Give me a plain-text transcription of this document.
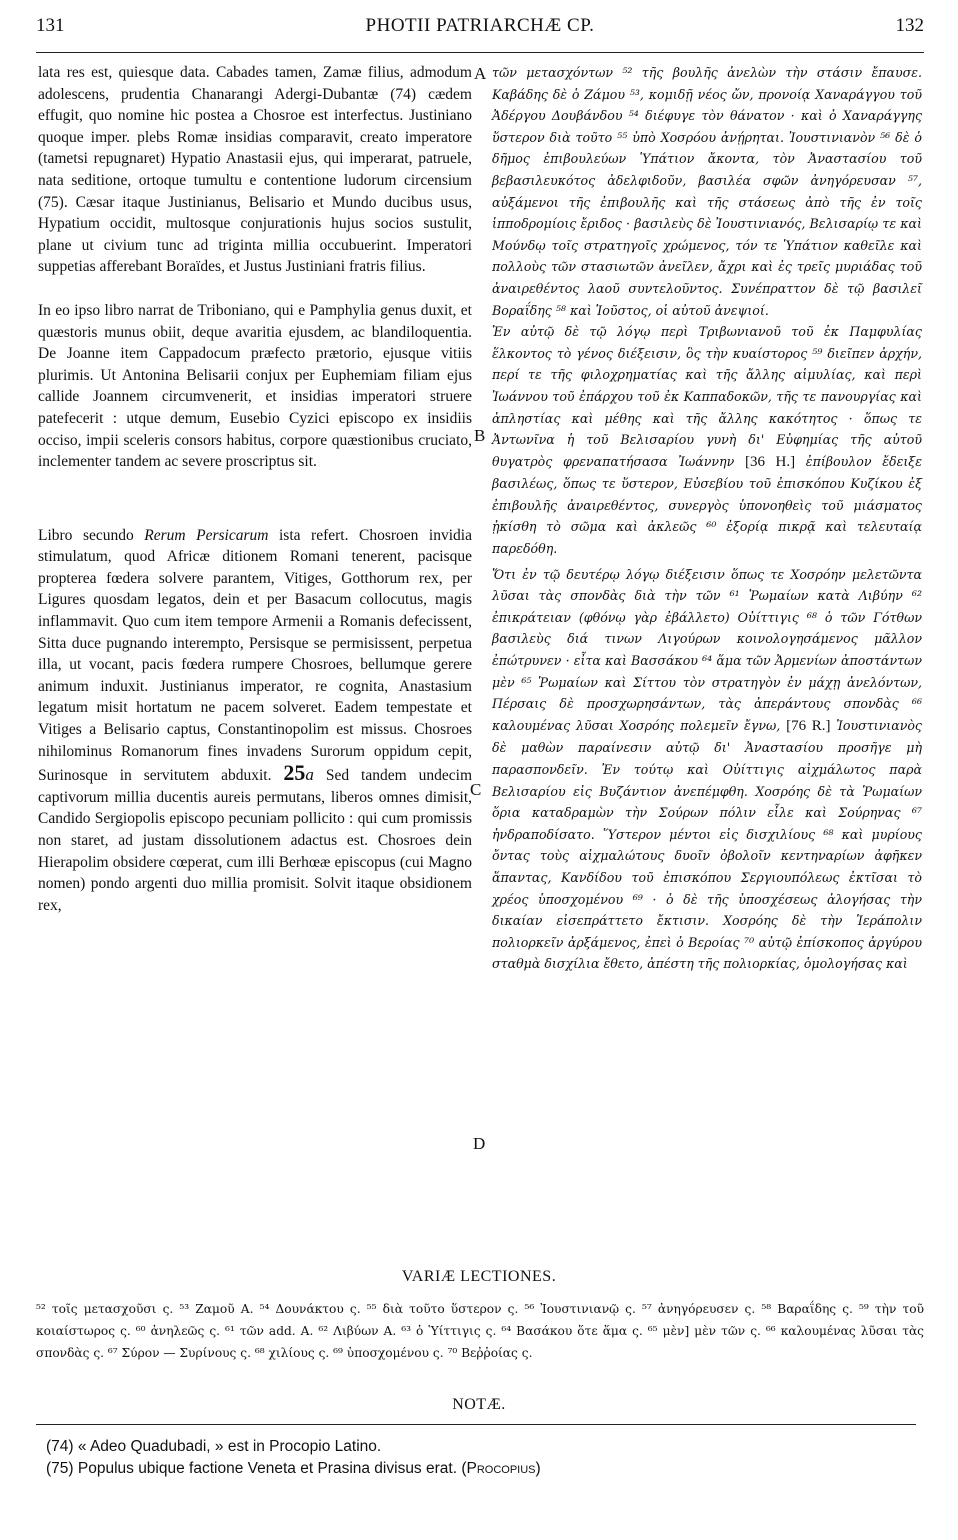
131	PHOTII PATRIARCHÆ CP.	132

lata res est, quiesque data. Cabades tamen, Zamæ filius, admodum adolescens, prudentia Chanarangi Adergi-Dubantæ (74) cædem effugit, quo nomine hic postea a Chosroe est interfectus. Justiniano quoque imper. plebs Romæ insidias comparavit, creato imperatore (tametsi repugnaret) Hypatio Anastasii ejus, qui imperarat, patruele, nata seditione, ortoque tumultu e contentione ludorum circensium (75). Cæsar itaque Justinianus, Belisario et Mundo ducibus usus, Hypatium occidit, multosque conjurationis hujus socios sustulit, plane ut civium tunc ad triginta millia occubuerint. Imperatori suppetias afferebant Boraïdes, et Justus Justiniani fratris filius.

In eo ipso libro narrat de Triboniano, qui e Pamphylia genus duxit, et quæstoris munus obiit, deque avaritia ejusdem, ac blandiloquentia. De Joanne item Cappadocum præfecto prætorio, ejusque vitiis plurimis. Ut Antonina Belisarii conjux per Euphemiam filiam ejus callide Joannem circumvenerit, et insidias imperatori struere patefecerit : utque demum, Eusebio Cyzici episcopo ex insidiis occiso, impii sceleris consors habitus, corpore quæstionibus cruciato, inclementer tandem ac severe proscriptus sit.

Libro secundo Rerum Persicarum ista refert. Chosroen invidia stimulatum, quod Africæ ditionem Romani tenerent, pacisque propterea fœdera solvere parantem, Vitiges, Gotthorum rex, per Ligures quosdam legatos, dein et per Basacum collocutus, magis inflammavit. Quo cum item tempore Armenii a Romanis defecissent, Sitta duce pugnando interempto, Persisque se permisissent, perpetua illa, ut vocant, pacis fœdera rumpere Chosroes, bellumque gerere animum induxit. Justinianus imperator, re cognita, Anastasium legatum misit hortatum ne pacem solveret. Eadem tempestate et Vitiges a Belisario captus, Constantinopolim est missus. Chosroes nihilominus Romanorum fines invadens Surorum oppidum cepit, Surinosque in servitutem abduxit. 25a Sed tandem undecim captivorum millia ducentis aureis permutans, liberos omnes dimisit, Candido Sergiopolis episcopo pecuniam pollicito : qui cum promissis non staret, ad justam dissolutionem adactus est. Chosroes dein Hierapolim obsidere cœperat, cum illi Berhœæ episcopus (cui Magno nomen) pondo argenti duo millia promisit. Solvit itaque obsidionem rex,

A
B
C
D

τῶν μετασχόντων ⁵² τῆς βουλῆς ἀνελὼν τὴν στάσιν ἔπαυσε. Καβάδης δὲ ὁ Ζάμου ⁵³, κομιδῇ νέος ὤν, προνοίᾳ Χαναράγγου τοῦ Ἀδέργου Δουβάνδου ⁵⁴ διέφυγε τὸν θάνατον · καὶ ὁ Χαναράγγης ὕστερον διὰ τοῦτο ⁵⁵ ὑπὸ Χοσρόου ἀνῄρηται. Ἰουστινιανὸν ⁵⁶ δὲ ὁ δῆμος ἐπιβουλεύων Ὑπάτιον ἄκοντα, τὸν Ἀναστασίου τοῦ βεβασιλευκότος ἀδελφιδοῦν, βασιλέα σφῶν ἀνηγόρευσαν ⁵⁷, αὐξάμενοι τῆς ἐπιβουλῆς καὶ τῆς στάσεως ἀπὸ τῆς ἐν τοῖς ἱπποδρομίοις ἔριδος · βασιλεὺς δὲ Ἰουστινιανός, Βελισαρίῳ τε καὶ Μούνδῳ τοῖς στρατηγοῖς χρώμενος, τόν τε Ὑπάτιον καθεῖλε καὶ πολλοὺς τῶν στασιωτῶν ἀνεῖλεν, ἄχρι καὶ ἐς τρεῖς μυριάδας τοῦ ἀναιρεθέντος λαοῦ συντελοῦντος. Συνέπραττον δὲ τῷ βασιλεῖ Βοραΐδης ⁵⁸ καὶ Ἰοῦστος, οἱ αὐτοῦ ἀνεψιοί.

Ἐν αὐτῷ δὲ τῷ λόγῳ περὶ Τριβωνιανοῦ τοῦ ἐκ Παμφυλίας ἕλκοντος τὸ γένος διέξεισιν, ὃς τὴν κυαίστορος ⁵⁹ διεῖπεν ἀρχήν, περί τε τῆς φιλοχρηματίας καὶ τῆς ἄλλης αἱμυλίας, καὶ περὶ Ἰωάννου τοῦ ἐπάρχου τοῦ ἐκ Καππαδοκῶν, τῆς τε πανουργίας καὶ ἀπληστίας καὶ μέθης καὶ τῆς ἄλλης κακότητος · ὅπως τε Ἀντωνῖνα ἡ τοῦ Βελισαρίου γυνὴ δι' Εὐφημίας τῆς αὐτοῦ θυγατρὸς φρεναπατήσασα Ἰωάννην [36 H.] ἐπίβουλον ἔδειξε βασιλέως, ὅπως τε ὕστερον, Εὐσεβίου τοῦ ἐπισκόπου Κυζίκου ἐξ ἐπιβουλῆς ἀναιρεθέντος, συνεργὸς ὑπονοηθεὶς τοῦ μιάσματος ᾐκίσθη τὸ σῶμα καὶ ἀκλεῶς ⁶⁰ ἐξορίᾳ πικρᾷ καὶ τελευταίᾳ παρεδόθη.

Ὅτι ἐν τῷ δευτέρῳ λόγῳ διέξεισιν ὅπως τε Χοσρόην μελετῶντα λῦσαι τὰς σπονδὰς διὰ τὴν τῶν ⁶¹ Ῥωμαίων κατὰ Λιβύην ⁶² ἐπικράτειαν (φθόνῳ γὰρ ἐβάλλετο) Οὐίττιγις ⁶⁸ ὁ τῶν Γότθων βασιλεὺς διά τινων Λιγούρων κοινολογησάμενος μᾶλλον ἐπώτρυνεν · εἶτα καὶ Βασσάκου ⁶⁴ ἅμα τῶν Ἀρμενίων ἀποστάντων μὲν ⁶⁵ Ῥωμαίων καὶ Σίττου τὸν στρατηγὸν ἐν μάχῃ ἀνελόντων, Πέρσαις δὲ προσχωρησάντων, τὰς ἀπεράντους σπονδὰς ⁶⁶ καλουμένας λῦσαι Χοσρόης πολεμεῖν ἔγνω, [76 R.] Ἰουστινιανὸς δὲ μαθὼν παραίνεσιν αὐτῷ δι' Ἀναστασίου προσῆγε μὴ παρασπονδεῖν. Ἐν τούτῳ καὶ Οὐίττιγις αἰχμάλωτος παρὰ Βελισαρίου εἰς Βυζάντιον ἀνεπέμφθη. Χοσρόης δὲ τὰ Ῥωμαίων ὅρια καταδραμὼν τὴν Σούρων πόλιν εἷλε καὶ Σούρηνας ⁶⁷ ἠνδραποδίσατο. Ὕστερον μέντοι εἰς δισχιλίους ⁶⁸ καὶ μυρίους ὄντας τοὺς αἰχμαλώτους δυοῖν ὀβολοῖν κεντηναρίων ἀφῆκεν ἅπαντας, Κανδίδου τοῦ ἐπισκόπου Σεργιουπόλεως ἐκτῖσαι τὸ χρέος ὑποσχομένου ⁶⁹ · ὁ δὲ τῆς ὑποσχέσεως ἀλογήσας τὴν δικαίαν εἰσεπράττετο ἔκτισιν. Χοσρόης δὲ τὴν Ἱεράπολιν πολιορκεῖν ἀρξάμενος, ἐπεὶ ὁ Βεροίας ⁷⁰ αὐτῷ ἐπίσκοπος ἀργύρου σταθμὰ δισχίλια ἔθετο, ἀπέστη τῆς πολιορκίας, ὁμολογήσας καὶ

VARIÆ LECTIONES.

⁵² τοῖς μετασχοῦσι ς. ⁵³ Ζαμοῦ A. ⁵⁴ Δουνάκτου ς. ⁵⁵ διὰ τοῦτο ὕστερον ς. ⁵⁶ Ἰουστινιανῷ ς. ⁵⁷ ἀνηγόρευσεν ς. ⁵⁸ Βαραΐδης ς. ⁵⁹ τὴν τοῦ κοιαίστωρος ς. ⁶⁰ ἀνηλεῶς ς. ⁶¹ τῶν add. A. ⁶² Λιβύων A. ⁶³ ὁ Ὑίττιγις ς. ⁶⁴ Βασάκου ὅτε ἅμα ς. ⁶⁵ μὲν] μὲν τῶν ς. ⁶⁶ καλουμένας λῦσαι τὰς σπονδὰς ς. ⁶⁷ Σύρον — Συρίνους ς. ⁶⁸ χιλίους ς. ⁶⁹ ὑποσχομένου ς. ⁷⁰ Βεῤῥοίας ς.

NOTÆ.

(74) « Adeo Quadubadi, » est in Procopio Latino.

(75) Populus ubique factione Veneta et Prasina divisus erat. (Procopius)
